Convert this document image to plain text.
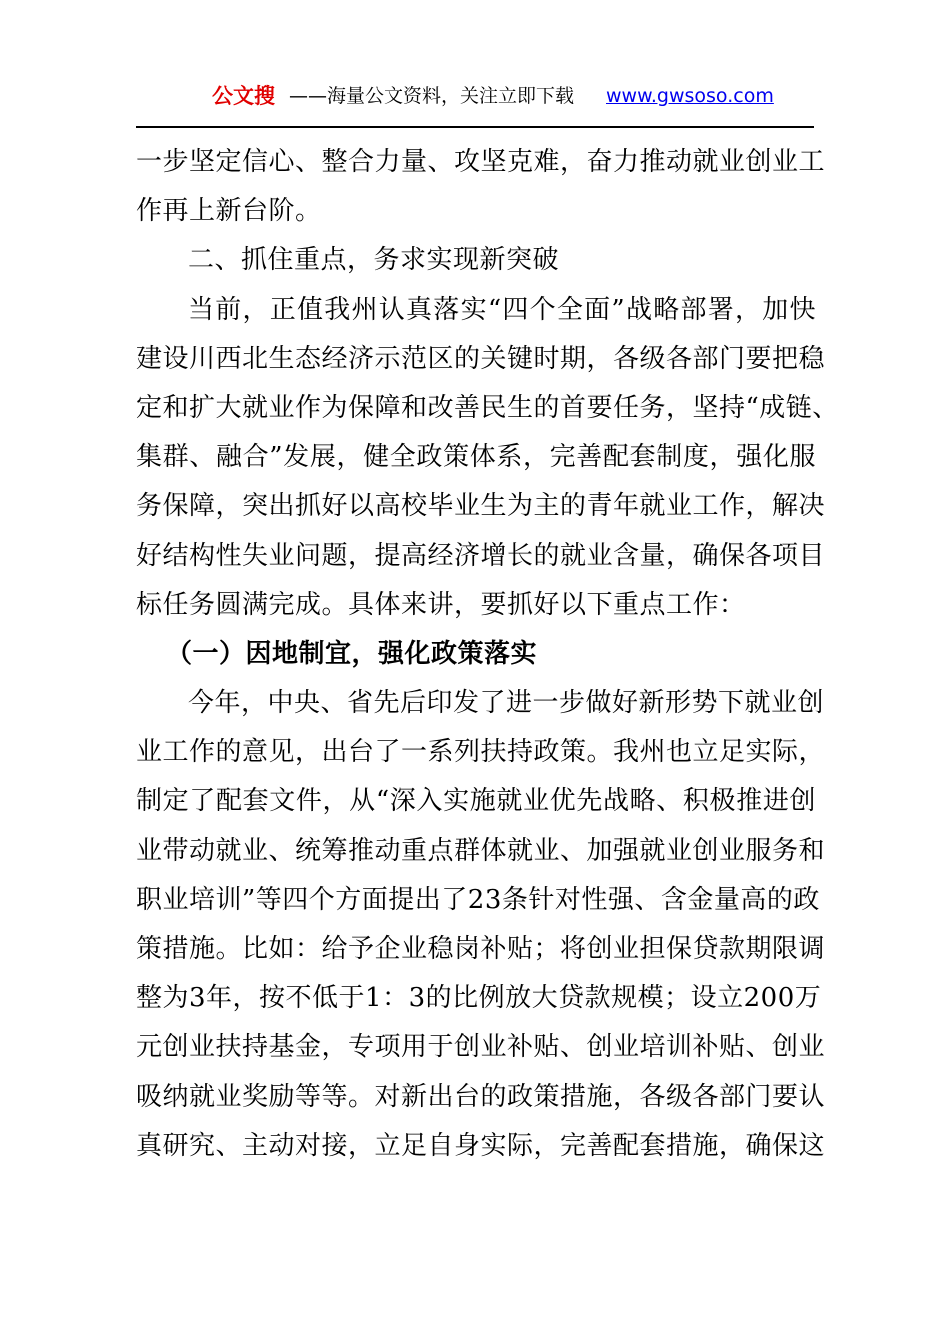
公文搜 ——海量公文资料，关注立即下载 www.gwsoso.com
一步坚定信心、整合力量、攻坚克难，奋力推动就业创业工
作再上新台阶。
二、抓住重点，务求实现新突破
当前，正值我州认真落实“四个全面”战略部署，加快
建设川西北生态经济示范区的关键时期，各级各部门要把稳
定和扩大就业作为保障和改善民生的首要任务，坚持“成链、
集群、融合”发展，健全政策体系，完善配套制度，强化服
务保障，突出抓好以高校毕业生为主的青年就业工作，解决
好结构性失业问题，提高经济增长的就业含量，确保各项目
标任务圆满完成。具体来讲，要抓好以下重点工作：
（一）因地制宜，强化政策落实
今年，中央、省先后印发了进一步做好新形势下就业创
业工作的意见，出台了一系列扶持政策。我州也立足实际，
制定了配套文件，从“深入实施就业优先战略、积极推进创
业带动就业、统筹推动重点群体就业、加强就业创业服务和
职业培训”等四个方面提出了23条针对性强、含金量高的政
策措施。比如：给予企业稳岗补贴；将创业担保贷款期限调
整为3年，按不低于1：3的比例放大贷款规模；设立200万
元创业扶持基金，专项用于创业补贴、创业培训补贴、创业
吸纳就业奖励等等。对新出台的政策措施，各级各部门要认
真研究、主动对接，立足自身实际，完善配套措施，确保这
